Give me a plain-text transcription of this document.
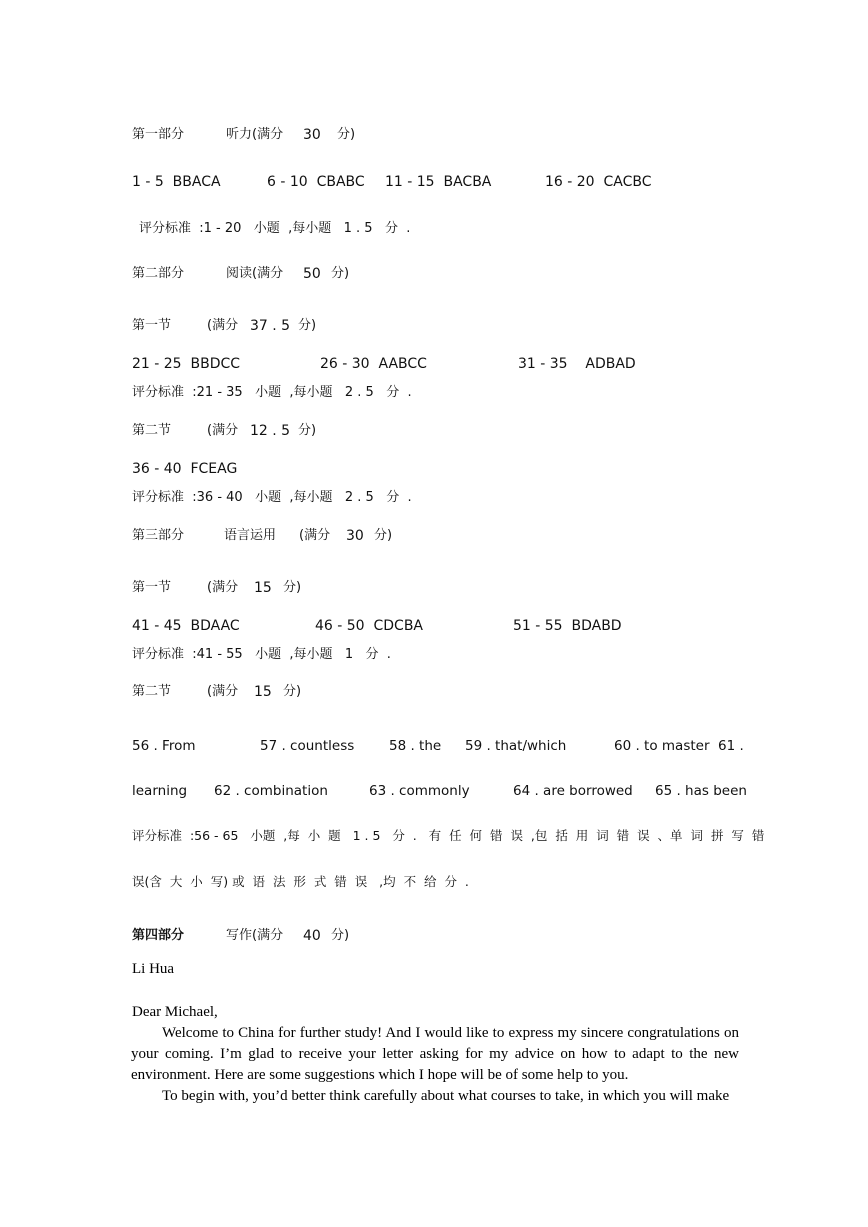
第一部分

	听力(满分

30

分)

1 - 5  BBACA

	6 - 10  CBABC

11 - 15  BACBA

	16 - 20  CACBC

评分标准  :1 - 20   小题  ,每小题   1 . 5   分  .

第二部分

	阅读(满分

50

分)

第一节

	(满分

37 . 5

分)

21 - 25  BBDCC

	26 - 30  AABCC

	31 - 35    ADBAD

评分标准  :21 - 35   小题  ,每小题   2 . 5   分  .

第二节

	(满分

12 . 5

分)

36 - 40  FCEAG
评分标准  :36 - 40   小题  ,每小题   2 . 5   分  .

第三部分

	语言运用

(满分

30

分)

第一节

	(满分

15

分)

41 - 45  BDAAC

	46 - 50  CDCBA

	51 - 55  BDABD

评分标准  :41 - 55   小题  ,每小题   1   分  .

第二节

	(满分

15

分)

56 . From

	57 . countless

	58 . the

59 . that/which

	60 . to master

61 .

learning

62 . combination

	63 . commonly

	64 . are borrowed

65 . has been

评分标准  :56 - 65   小题  ,每  小  题   1 . 5   分  .   有  任  何  错  误  ,包  括  用  词  错  误  、单  词  拼  写  错
误(含  大  小  写) 或  语  法  形  式  错  误   ,均  不  给  分  .

第四部分

	写作(满分

40

分)

Li Hua
Dear Michael,
Welcome to China for further study! And I would like to express my sincere congratulations on your coming. I’m glad to receive your letter asking for my advice on how to adapt to the new environment. Here are some suggestions which I hope will be of some help to you.
To begin with, you’d better think carefully about what courses to take, in which you will make
